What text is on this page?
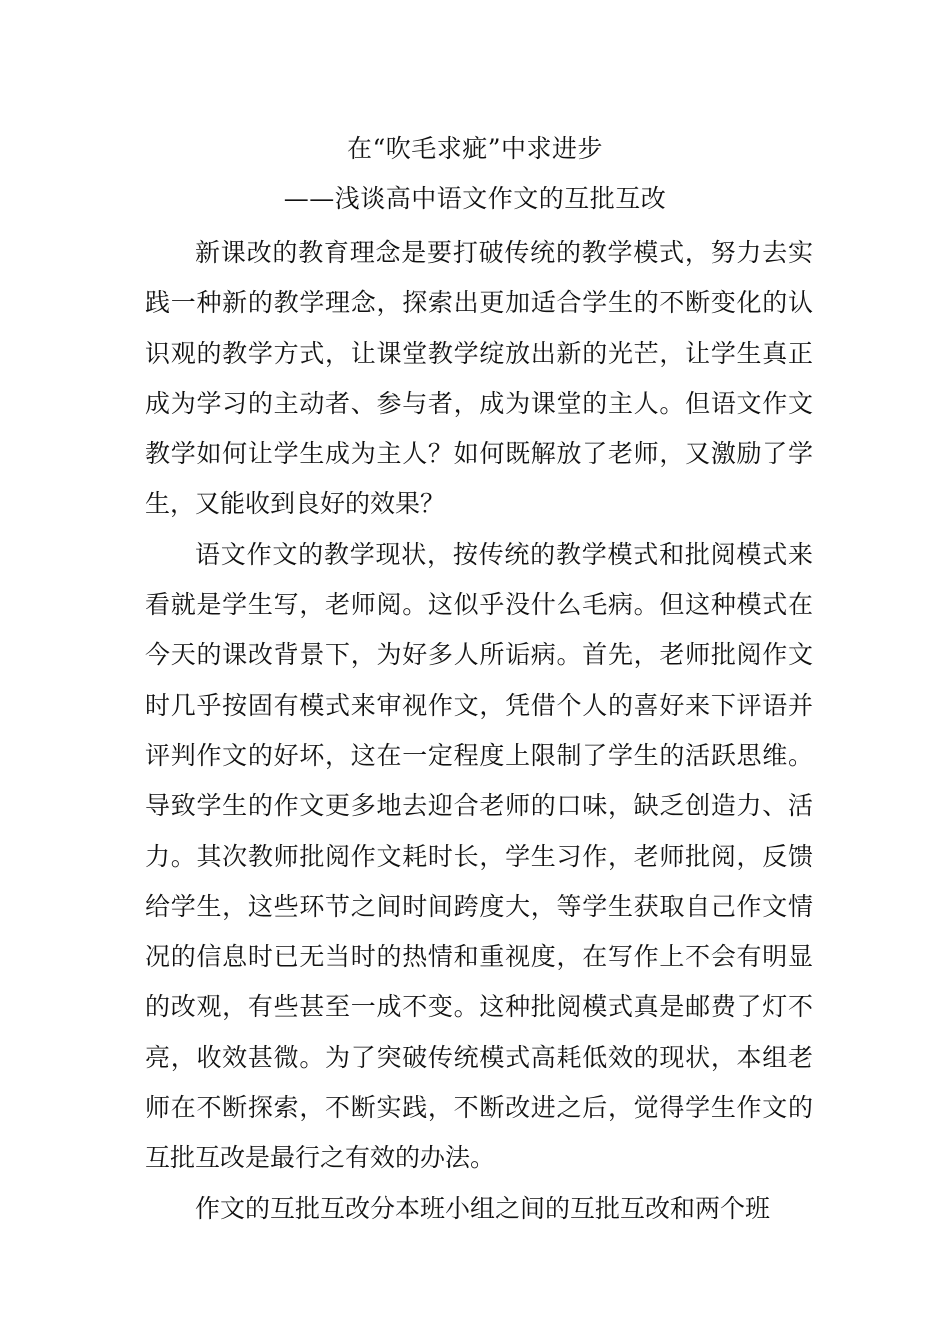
在“吹毛求疵”中求进步
——浅谈高中语文作文的互批互改

新课改的教育理念是要打破传统的教学模式，努力去实践一种新的教学理念，探索出更加适合学生的不断变化的认识观的教学方式，让课堂教学绽放出新的光芒，让学生真正成为学习的主动者、参与者，成为课堂的主人。但语文作文教学如何让学生成为主人？如何既解放了老师，又激励了学生，又能收到良好的效果？

语文作文的教学现状，按传统的教学模式和批阅模式来看就是学生写，老师阅。这似乎没什么毛病。但这种模式在今天的课改背景下，为好多人所诟病。首先，老师批阅作文时几乎按固有模式来审视作文，凭借个人的喜好来下评语并评判作文的好坏，这在一定程度上限制了学生的活跃思维。导致学生的作文更多地去迎合老师的口味，缺乏创造力、活力。其次教师批阅作文耗时长，学生习作，老师批阅，反馈给学生，这些环节之间时间跨度大，等学生获取自己作文情况的信息时已无当时的热情和重视度，在写作上不会有明显的改观，有些甚至一成不变。这种批阅模式真是邮费了灯不亮，收效甚微。为了突破传统模式高耗低效的现状，本组老师在不断探索，不断实践，不断改进之后，觉得学生作文的互批互改是最行之有效的办法。

作文的互批互改分本班小组之间的互批互改和两个班
